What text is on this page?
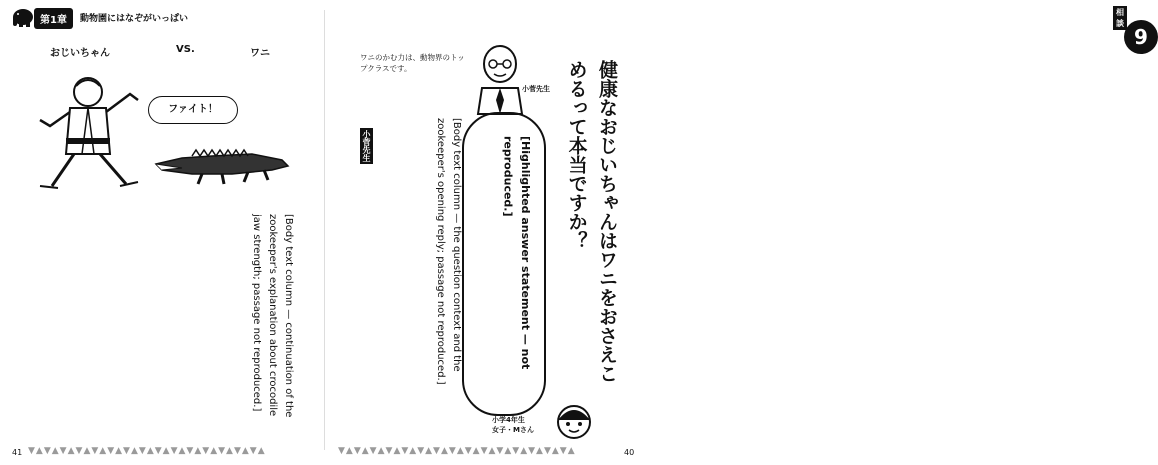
第1章	動物園にはなぞがいっぱい
おじいちゃん	VS.	ワニ
ファイト！
[Body text column — continuation of the zookeeper's explanation about crocodile jaw strength; passage not reproduced.]
41 ▼▲▼▲▼▲▼▲▼▲▼▲▼▲▼▲▼▲▼▲▼▲▼▲▼▲▼▲▼▲
相談
9
健康なおじいちゃんはワニをおさえこめるって本当ですか？
ワニのかむ力は、動物界のトップクラスです。
小菅先生
[Highlighted answer statement — not reproduced.]
小菅先生	[Body text column — the question context and the zookeeper's opening reply; passage not reproduced.]
小学4年生
女子・Mさん
40
▼▲▼▲▼▲▼▲▼▲▼▲▼▲▼▲▼▲▼▲▼▲▼▲▼▲▼▲▼▲
